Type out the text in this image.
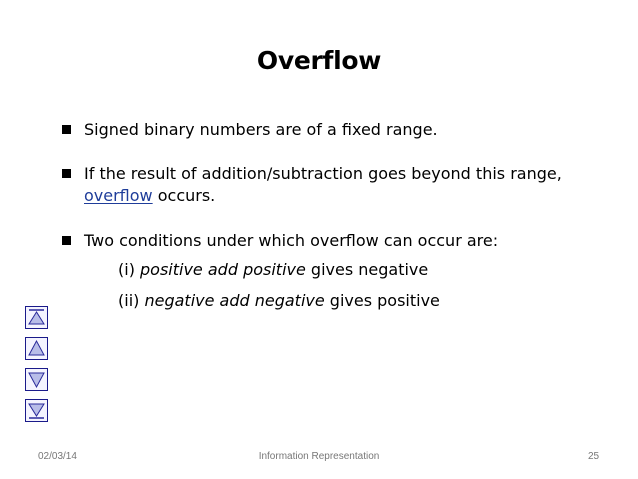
Overflow
Signed binary numbers are of a fixed range.
If the result of addition/subtraction goes beyond this range,
overflow occurs.
Two conditions under which overflow can occur are:
(i) positive add positive gives negative
(ii) negative add negative gives positive
02/03/14	Information Representation	25
